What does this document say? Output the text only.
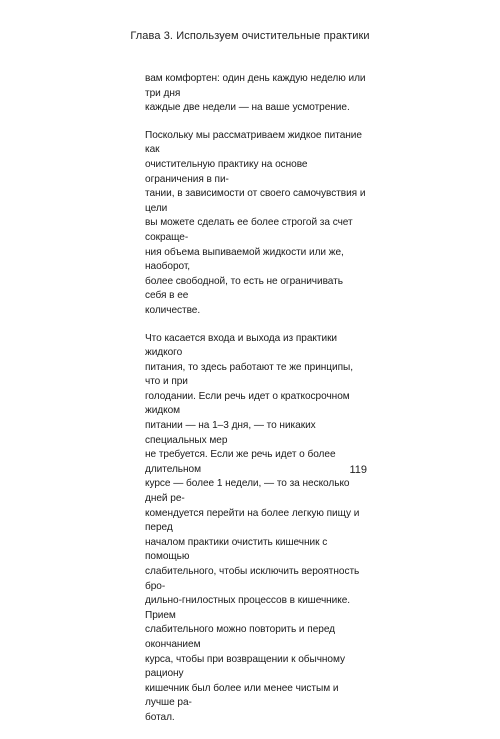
Глава 3. Используем очистительные практики

вам комфортен: один день каждую неделю или три дня
каждые две недели — на ваше усмотрение.

Поскольку мы рассматриваем жидкое питание как
очистительную практику на основе ограничения в пи-
тании, в зависимости от своего самочувствия и цели
вы можете сделать ее более строгой за счет сокраще-
ния объема выпиваемой жидкости или же, наоборот,
более свободной, то есть не ограничивать себя в ее
количестве.

Что касается входа и выхода из практики жидкого
питания, то здесь работают те же принципы, что и при
голодании. Если речь идет о краткосрочном жидком
питании — на 1–3 дня, — то никаких специальных мер
не требуется. Если же речь идет о более длительном
курсе — более 1 недели, — то за несколько дней ре-
комендуется перейти на более легкую пищу и перед
началом практики очистить кишечник с помощью
слабительного, чтобы исключить вероятность бро-
дильно-гнилостных процессов в кишечнике. Прием
слабительного можно повторить и перед окончанием
курса, чтобы при возвращении к обычному рациону
кишечник был более или менее чистым и лучше ра-
ботал.

119
